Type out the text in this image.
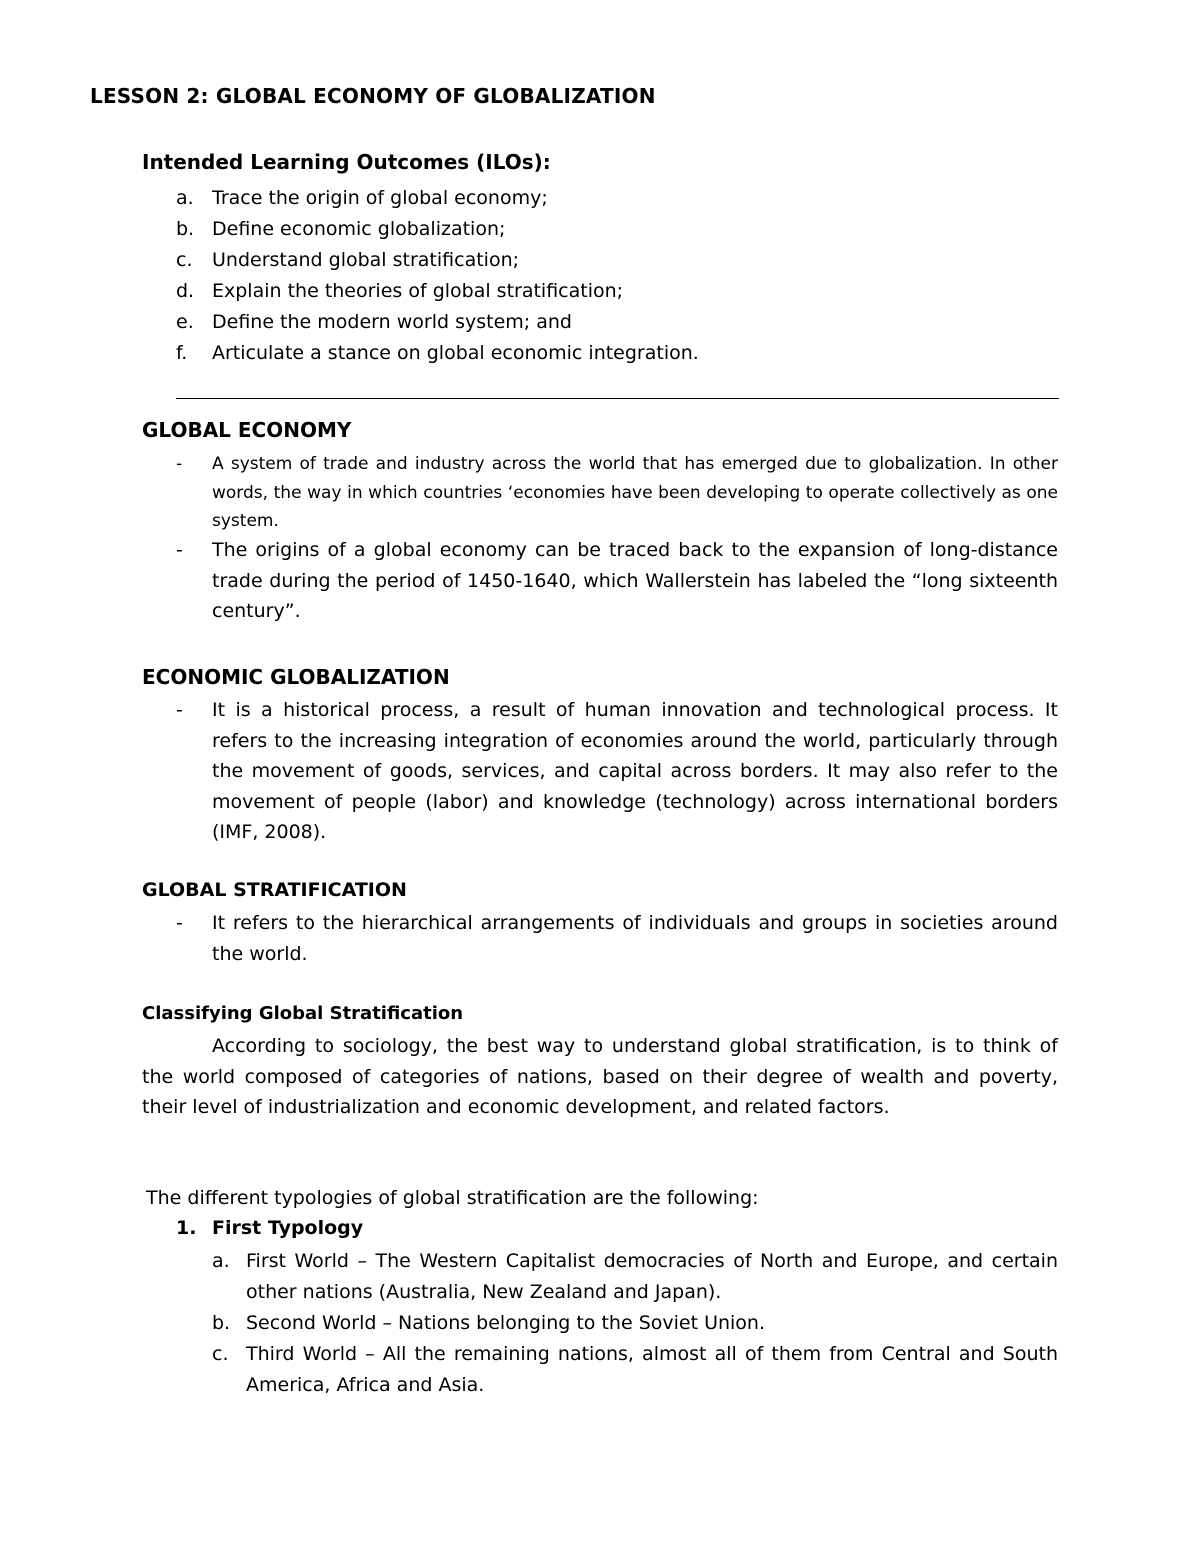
LESSON 2: GLOBAL ECONOMY OF GLOBALIZATION
Intended Learning Outcomes (ILOs):
a. Trace the origin of global economy;
b. Define economic globalization;
c. Understand global stratification;
d. Explain the theories of global stratification;
e. Define the modern world system; and
f. Articulate a stance on global economic integration.
GLOBAL ECONOMY
- A system of trade and industry across the world that has emerged due to globalization. In other words, the way in which countries ‘economies have been developing to operate collectively as one system.
- The origins of a global economy can be traced back to the expansion of long-distance trade during the period of 1450-1640, which Wallerstein has labeled the “long sixteenth century”.
ECONOMIC GLOBALIZATION
- It is a historical process, a result of human innovation and technological process. It refers to the increasing integration of economies around the world, particularly through the movement of goods, services, and capital across borders. It may also refer to the movement of people (labor) and knowledge (technology) across international borders (IMF, 2008).
GLOBAL STRATIFICATION
- It refers to the hierarchical arrangements of individuals and groups in societies around the world.
Classifying Global Stratification

According to sociology, the best way to understand global stratification, is to think of the world composed of categories of nations, based on their degree of wealth and poverty, their level of industrialization and economic development, and related factors.

The different typologies of global stratification are the following:
1. First Typology
a. First World – The Western Capitalist democracies of North and Europe, and certain other nations (Australia, New Zealand and Japan).
b. Second World – Nations belonging to the Soviet Union.
c. Third World – All the remaining nations, almost all of them from Central and South America, Africa and Asia.
